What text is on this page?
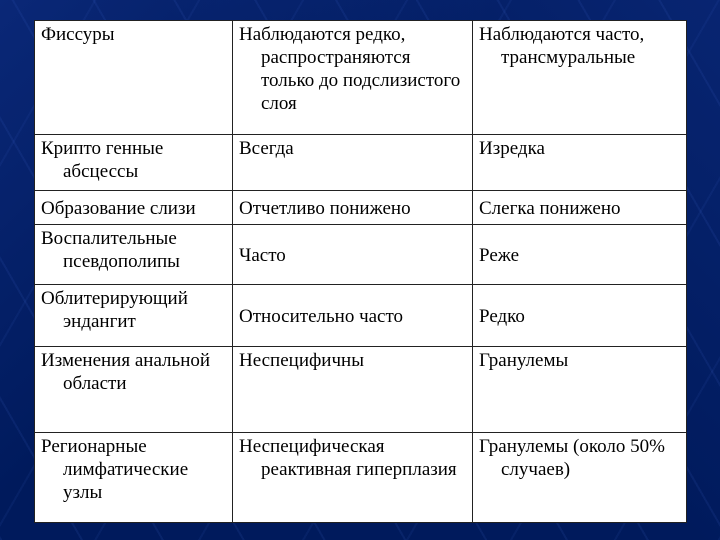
Фиссуры	Наблюдаются редко, распространяются только до подслизистого слоя	Наблюдаются часто, трансмуральные
Крипто генные абсцессы	Всегда	Изредка
Образование слизи	Отчетливо понижено	Слегка понижено
Воспалительные псевдополипы	Часто	Реже
Облитерирующий эндангит	Относительно часто	Редко
Изменения анальной области	Неспецифичны	Гранулемы
Регионарные лимфатические узлы	Неспецифическая реактивная гиперплазия	Гранулемы (около 50% случаев)
